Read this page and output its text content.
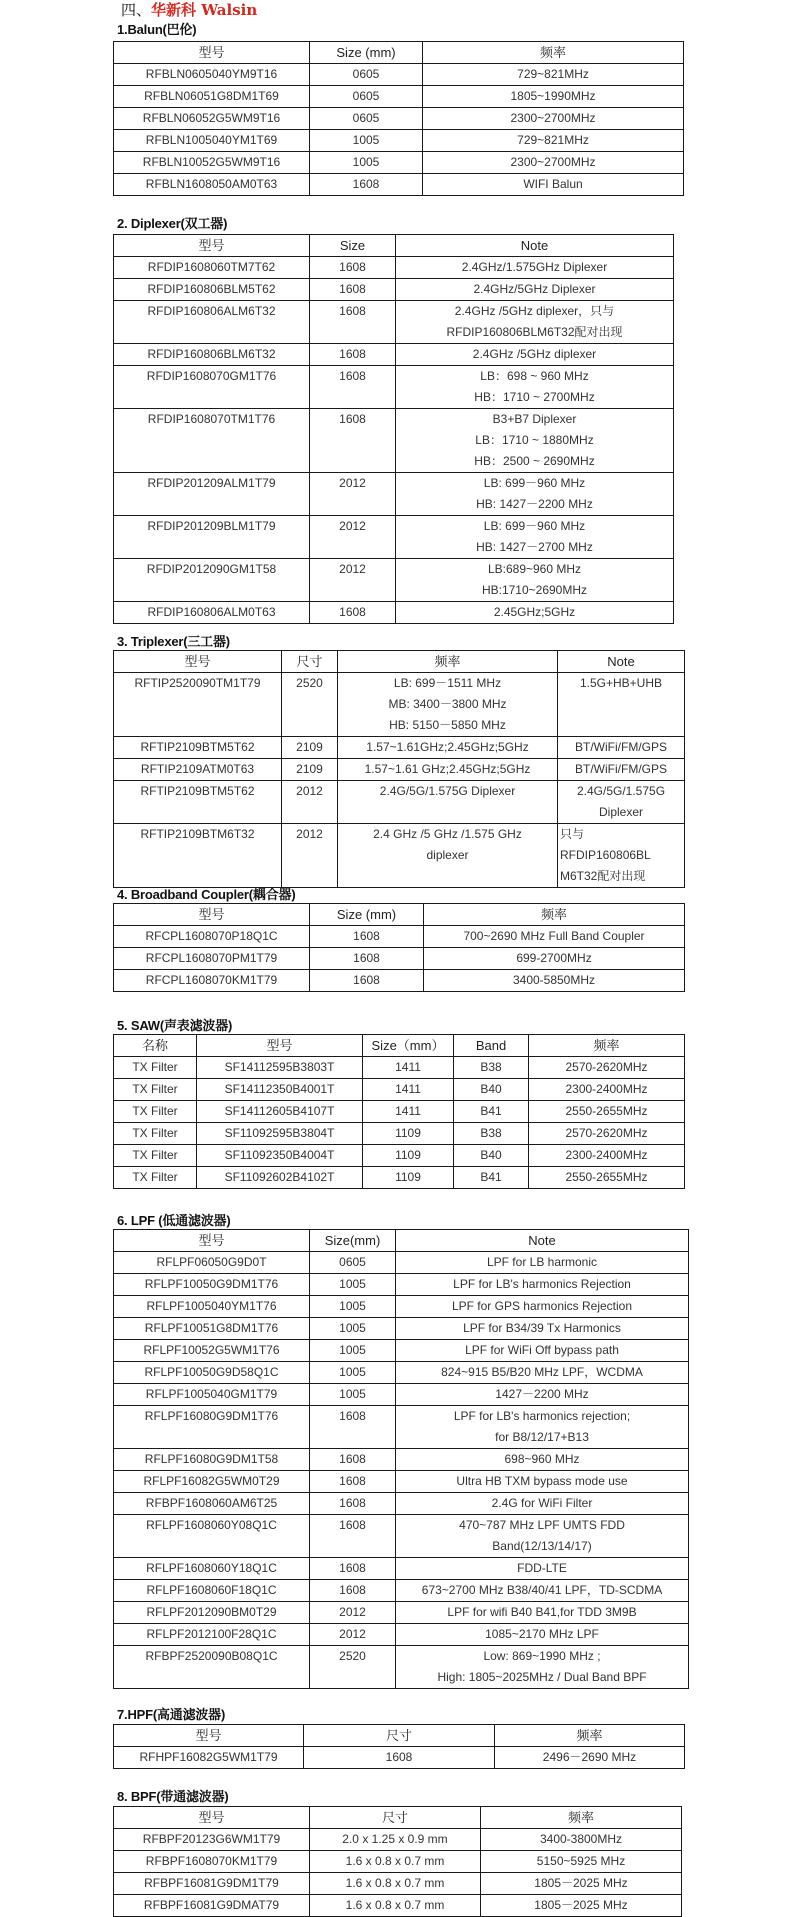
四、华新科 Walsin
1.Balun(巴伦)
型号	Size (mm)	频率
RFBLN0605040YM9T16	0605	729~821MHz
RFBLN06051G8DM1T69	0605	1805~1990MHz
RFBLN06052G5WM9T16	0605	2300~2700MHz
RFBLN1005040YM1T69	1005	729~821MHz
RFBLN10052G5WM9T16	1005	2300~2700MHz
RFBLN1608050AM0T63	1608	WIFI Balun
2. Diplexer(双工器)
型号	Size	Note
RFDIP1608060TM7T62	1608	2.4GHz/1.575GHz Diplexer

RFDIP160806BLM5T62	1608	2.4GHz/5GHz Diplexer

RFDIP160806ALM6T32	1608	2.4GHz /5GHz diplexer，只与
RFDIP160806BLM6T32配对出现

RFDIP160806BLM6T32	1608	2.4GHz /5GHz diplexer

RFDIP1608070GM1T76	1608	LB：698 ~ 960 MHz
HB：1710 ~ 2700MHz

RFDIP1608070TM1T76	1608	B3+B7 Diplexer
LB：1710 ~ 1880MHz
HB：2500 ~ 2690MHz

RFDIP201209ALM1T79	2012	LB: 699－960 MHz
HB: 1427－2200 MHz

RFDIP201209BLM1T79	2012	LB: 699－960 MHz
HB: 1427－2700 MHz

RFDIP2012090GM1T58	2012	LB:689~960 MHz
HB:1710~2690MHz

RFDIP160806ALM0T63	1608	2.45GHz;5GHz
3. Triplexer(三工器)
型号	尺寸	频率	Note
RFTIP2520090TM1T79	2520	LB: 699－1511 MHz
MB: 3400－3800 MHz
HB: 5150－5850 MHz	1.5G+HB+UHB

RFTIP2109BTM5T62	2109	1.57~1.61GHz;2.45GHz;5GHz	BT/WiFi/FM/GPS

RFTIP2109ATM0T63	2109	1.57~1.61 GHz;2.45GHz;5GHz	BT/WiFi/FM/GPS

RFTIP2109BTM5T62	2012	2.4G/5G/1.575G Diplexer	2.4G/5G/1.575G
Diplexer

RFTIP2109BTM6T32	2012	2.4 GHz /5 GHz /1.575 GHz
diplexer	只与
RFDIP160806BL
M6T32配对出现
4. Broadband Coupler(耦合器)
型号	Size (mm)	频率
RFCPL1608070P18Q1C	1608	700~2690 MHz Full Band Coupler
RFCPL1608070PM1T79	1608	699-2700MHz
RFCPL1608070KM1T79	1608	3400-5850MHz
5. SAW(声表滤波器)
名称	型号	Size（mm）	Band	频率
TX Filter	SF14112595B3803T	1411	B38	2570-2620MHz
TX Filter	SF14112350B4001T	1411	B40	2300-2400MHz
TX Filter	SF14112605B4107T	1411	B41	2550-2655MHz
TX Filter	SF11092595B3804T	1109	B38	2570-2620MHz
TX Filter	SF11092350B4004T	1109	B40	2300-2400MHz
TX Filter	SF11092602B4102T	1109	B41	2550-2655MHz
6. LPF (低通滤波器)
型号	Size(mm)	Note
RFLPF06050G9D0T	0605	LPF for LB harmonic

RFLPF10050G9DM1T76	1005	LPF for LB's harmonics Rejection

RFLPF1005040YM1T76	1005	LPF for GPS harmonics Rejection

RFLPF10051G8DM1T76	1005	LPF for B34/39 Tx Harmonics

RFLPF10052G5WM1T76	1005	LPF for WiFi Off bypass path

RFLPF10050G9D58Q1C	1005	824~915 B5/B20 MHz LPF，WCDMA

RFLPF1005040GM1T79	1005	1427－2200 MHz

RFLPF16080G9DM1T76	1608	LPF for LB's harmonics rejection;
for B8/12/17+B13

RFLPF16080G9DM1T58	1608	698~960 MHz

RFLPF16082G5WM0T29	1608	Ultra HB TXM bypass mode use

RFBPF1608060AM6T25	1608	2.4G for WiFi Filter

RFLPF1608060Y08Q1C	1608	470~787 MHz LPF UMTS FDD
Band(12/13/14/17)

RFLPF1608060Y18Q1C	1608	FDD-LTE

RFLPF1608060F18Q1C	1608	673~2700 MHz B38/40/41 LPF，TD-SCDMA

RFLPF2012090BM0T29	2012	LPF for wifi B40 B41,for TDD 3M9B

RFLPF2012100F28Q1C	2012	1085~2170 MHz LPF

RFBPF2520090B08Q1C	2520	Low: 869~1990 MHz ;
High: 1805~2025MHz / Dual Band BPF
7.HPF(高通滤波器)
型号	尺寸	频率
RFHPF16082G5WM1T79	1608	2496－2690 MHz
8. BPF(带通滤波器)
型号	尺寸	频率
RFBPF20123G6WM1T79	2.0 x 1.25 x 0.9 mm	3400-3800MHz
RFBPF1608070KM1T79	1.6 x 0.8 x 0.7 mm	5150~5925 MHz
RFBPF16081G9DM1T79	1.6 x 0.8 x 0.7 mm	1805－2025 MHz
RFBPF16081G9DMAT79	1.6 x 0.8 x 0.7 mm	1805－2025 MHz
